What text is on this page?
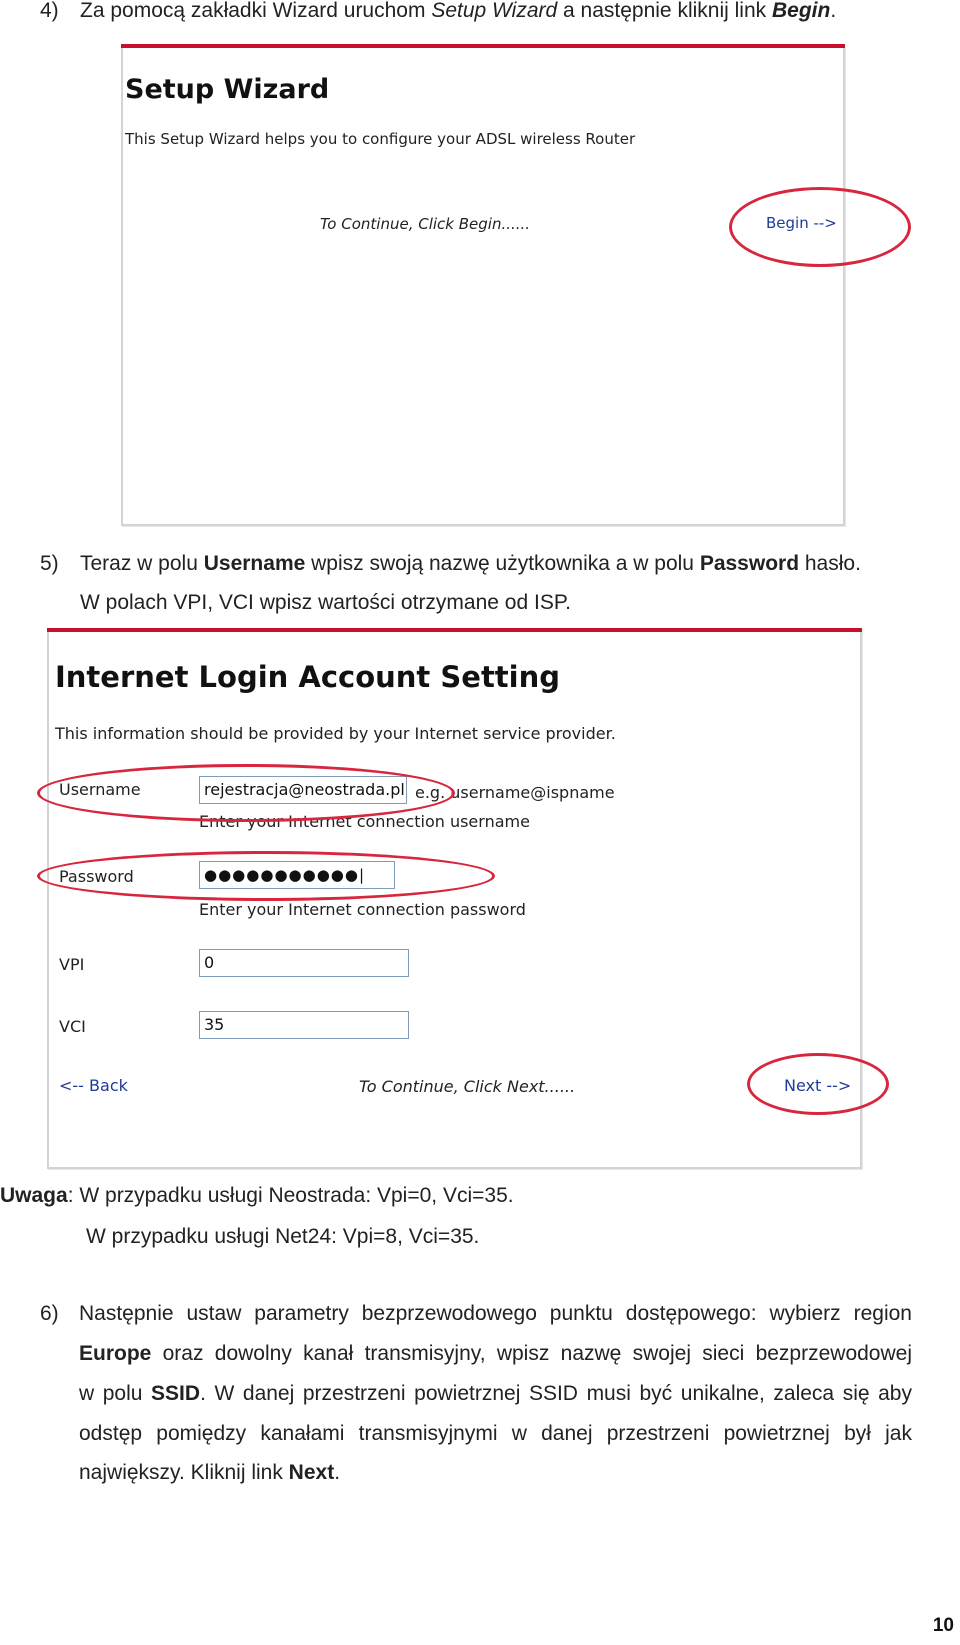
4) Za pomocą zakładki Wizard uruchom Setup Wizard a następnie kliknij link Begin.
Setup Wizard
This Setup Wizard helps you to configure your ADSL wireless Router
To Continue, Click Begin......	Begin -->
5) Teraz w polu Username wpisz swoją nazwę użytkownika a w polu Password hasło.
W polach VPI, VCI wpisz wartości otrzymane od ISP.
Internet Login Account Setting
This information should be provided by your Internet service provider.
Username	rejestracja@neostrada.pl e.g. username@ispname
Enter your Internet connection username
Password	●●●●●●●●●●●|
Enter your Internet connection password
VPI	0
VCI	35
<-- Back	To Continue, Click Next......	Next -->
Uwaga: W przypadku usługi Neostrada: Vpi=0, Vci=35.
W przypadku usługi Net24: Vpi=8, Vci=35.
6) Następnie ustaw parametry bezprzewodowego punktu dostępowego: wybierz region
Europe oraz dowolny kanał transmisyjny, wpisz nazwę swojej sieci bezprzewodowej
w polu SSID. W danej przestrzeni powietrznej SSID musi być unikalne, zaleca się aby
odstęp pomiędzy kanałami transmisyjnymi w danej przestrzeni powietrznej był jak
największy. Kliknij link Next.
10
